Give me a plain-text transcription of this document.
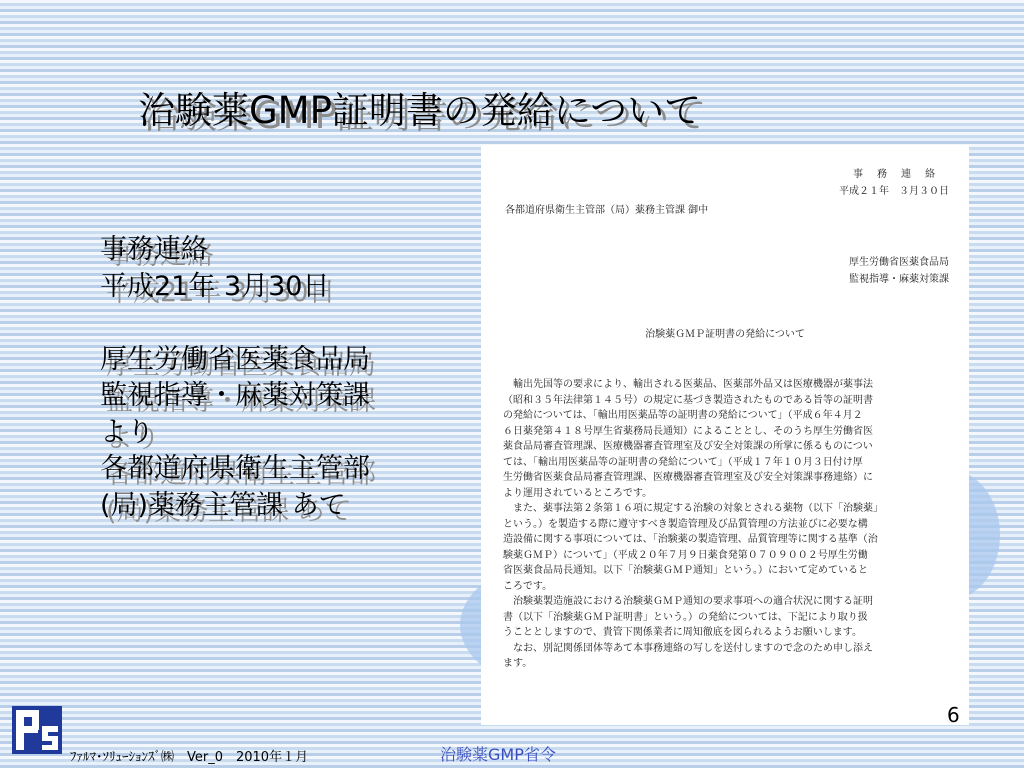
治験薬GMP証明書の発給について
事務連絡
平成21年 3月30日
厚生労働省医薬食品局
監視指導・麻薬対策課
より
各都道府県衛生主管部
(局)薬務主管課 あて
事務連絡
平成２１年　３月３０日
各都道府県衛生主管部（局）薬務主管課 御中
厚生労働省医薬食品局
監視指導・麻薬対策課
治験薬ＧＭＰ証明書の発給について
　輸出先国等の要求により、輸出される医薬品、医薬部外品又は医療機器が薬事法
（昭和３５年法律第１４５号）の規定に基づき製造されたものである旨等の証明書
の発給については、「輸出用医薬品等の証明書の発給について」（平成６年４月２
６日薬発第４１８号厚生省薬務局長通知）によることとし、そのうち厚生労働省医
薬食品局審査管理課、医療機器審査管理室及び安全対策課の所掌に係るものについ
ては、「輸出用医薬品等の証明書の発給について」（平成１７年１０月３日付け厚
生労働省医薬食品局審査管理課、医療機器審査管理室及び安全対策課事務連絡）に
より運用されているところです。
　また、薬事法第２条第１６項に規定する治験の対象とされる薬物（以下「治験薬」
という。）を製造する際に遵守すべき製造管理及び品質管理の方法並びに必要な構
造設備に関する事項については、「治験薬の製造管理、品質管理等に関する基準（治
験薬ＧＭＰ）について」（平成２０年７月９日薬食発第０７０９００２号厚生労働
省医薬食品局長通知。以下「治験薬ＧＭＰ通知」という。）において定めていると
ころです。
　治験薬製造施設における治験薬ＧＭＰ通知の要求事項への適合状況に関する証明
書（以下「治験薬ＧＭＰ証明書」という。）の発給については、下記により取り扱
うこととしますので、貴管下関係業者に周知徹底を図られるようお願いします。
　なお、別記関係団体等あて本事務連絡の写しを送付しますので念のため申し添え
ます。
6
ﾌｧﾙﾏ･ｿﾘｭｰｼｮﾝｽﾞ㈱　Ver_0　2010年１月	治験薬GMP省令
